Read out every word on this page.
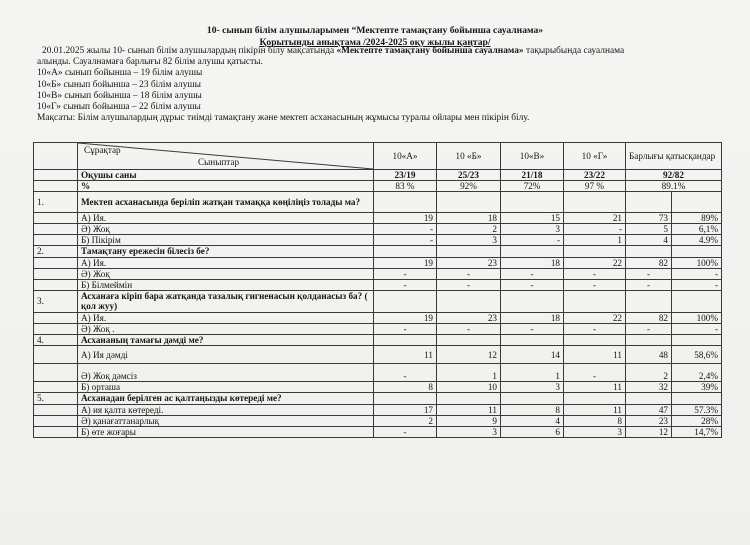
10- сынып білім алушыларымен “Мектепте тамақтану бойынша сауалнама»
Қорытынды анықтама /2024-2025 оқу жылы қаңтар/

20.01.2025 жылы 10- сынып білім алушылардың пікірін білу мақсатында «Мектепте тамақтану бойынша сауалнама» тақырыбында сауалнама

алынды. Сауалнамаға барлығы 82 білім алушы қатысты.

10«А» сынып бойынша – 19 білім алушы

10«Б» сынып бойынша – 23 білім алушы

10«В» сынып бойынша – 18 білім алушы

10«Г» сынып бойынша – 22 білім алушы

Мақсаты: Білім алушылардың дұрыс тиімді тамақтану және мектеп асханасының жұмысы туралы ойлары мен пікірін білу.

	Сұрақтар
Сыныптар	10«А»	10 «Б»	10«В»	10 «Г»	Барлығы қатысқандар	
	Оқушы саны	23/19	25/23	21/18	23/22	92/82	
	%	83 %	92%	72%	97 %	89.1%	
1.	Мектеп асханасында беріліп жатқан тамаққа көңіліңіз толады ма?						
	А) Ия.	19	18	15	21	73	89%
	Ә) Жоқ	-	2	3	-	5	6,1%
	Б) Пікірім	-	3	-	1	4	4.9%
2.	Тамақтану ережесін білесіз бе?						
	А) Ия.	19	23	18	22	82	100%
	Ә) Жоқ	-	-	-	-	-	-
	Б) Білмеймін	-	-	-	-	-	-
3.	Асханаға кіріп бара жатқанда тазалық гигиенасын қолданасыз ба? ( қол жуу)						
	А) Ия.	19	23	18	22	82	100%
	Ә) Жоқ .	-	-	-	-	-	-
4.	Асхананың тамағы дәмді ме?						
	А) Ия дәмді	11	12	14	11	48	58,6%
	Ә) Жоқ дәмсіз	-	1	1	-	2	2,4%
	Б) орташа	8	10	3	11	32	39%
5.	Асханадан берілген ас қалтаңызды көтереді ме?						
	А) ия қалта көтереді.	17	11	8	11	47	57.3%
	Ә) қанағаттанарлық	2	9	4	8	23	28%
	Б) өте жоғары	-	3	6	3	12	14,7%
